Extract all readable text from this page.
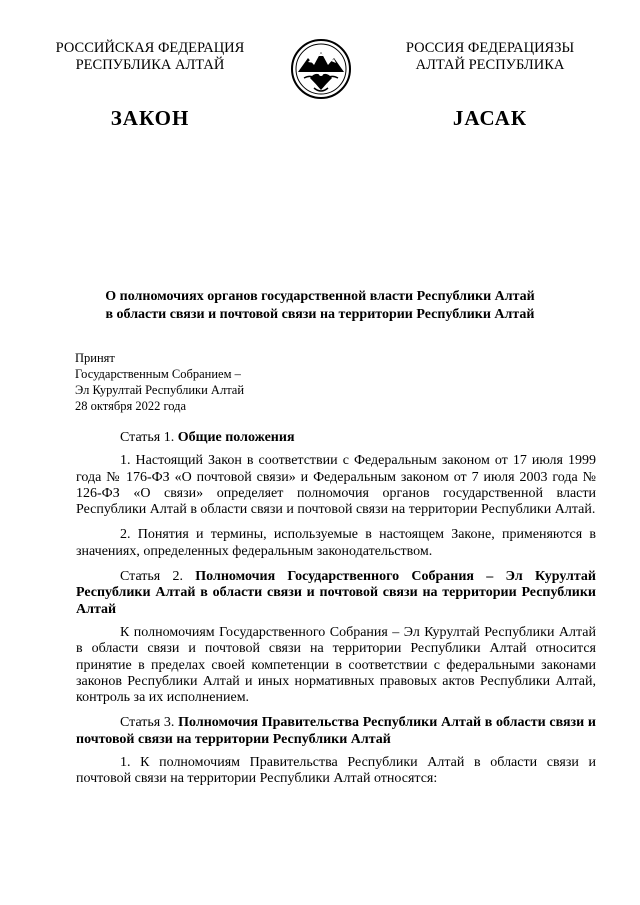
РОССИЙСКАЯ ФЕДЕРАЦИЯ
РЕСПУБЛИКА АЛТАЙ
РОССИЯ ФЕДЕРАЦИЯЗЫ
АЛТАЙ РЕСПУБЛИКА
ЗАКОН	JАСАК
О полномочиях органов государственной власти Республики Алтай
в области связи и почтовой связи на территории Республики Алтай
Принят
Государственным Собранием –
Эл Курултай Республики Алтай
28 октября 2022 года

Статья 1. Общие положения

1. Настоящий Закон в соответствии с Федеральным законом от 17 июля 1999 года № 176-ФЗ «О почтовой связи» и Федеральным законом от 7 июля 2003 года № 126-ФЗ «О связи» определяет полномочия органов государственной власти Республики Алтай в области связи и почтовой связи на территории Республики Алтай.

2. Понятия и термины, используемые в настоящем Законе, применяются в значениях, определенных федеральным законодательством.

Статья 2. Полномочия Государственного Собрания – Эл Курултай Республики Алтай в области связи и почтовой связи на территории Республики Алтай

К полномочиям Государственного Собрания – Эл Курултай Республики Алтай в области связи и почтовой связи на территории Республики Алтай относится принятие в пределах своей компетенции в соответствии с федеральными законами законов Республики Алтай и иных нормативных правовых актов Республики Алтай, контроль за их исполнением.

Статья 3. Полномочия Правительства Республики Алтай в области связи и почтовой связи на территории Республики Алтай

1. К полномочиям Правительства Республики Алтай в области связи и почтовой связи на территории Республики Алтай относятся:
